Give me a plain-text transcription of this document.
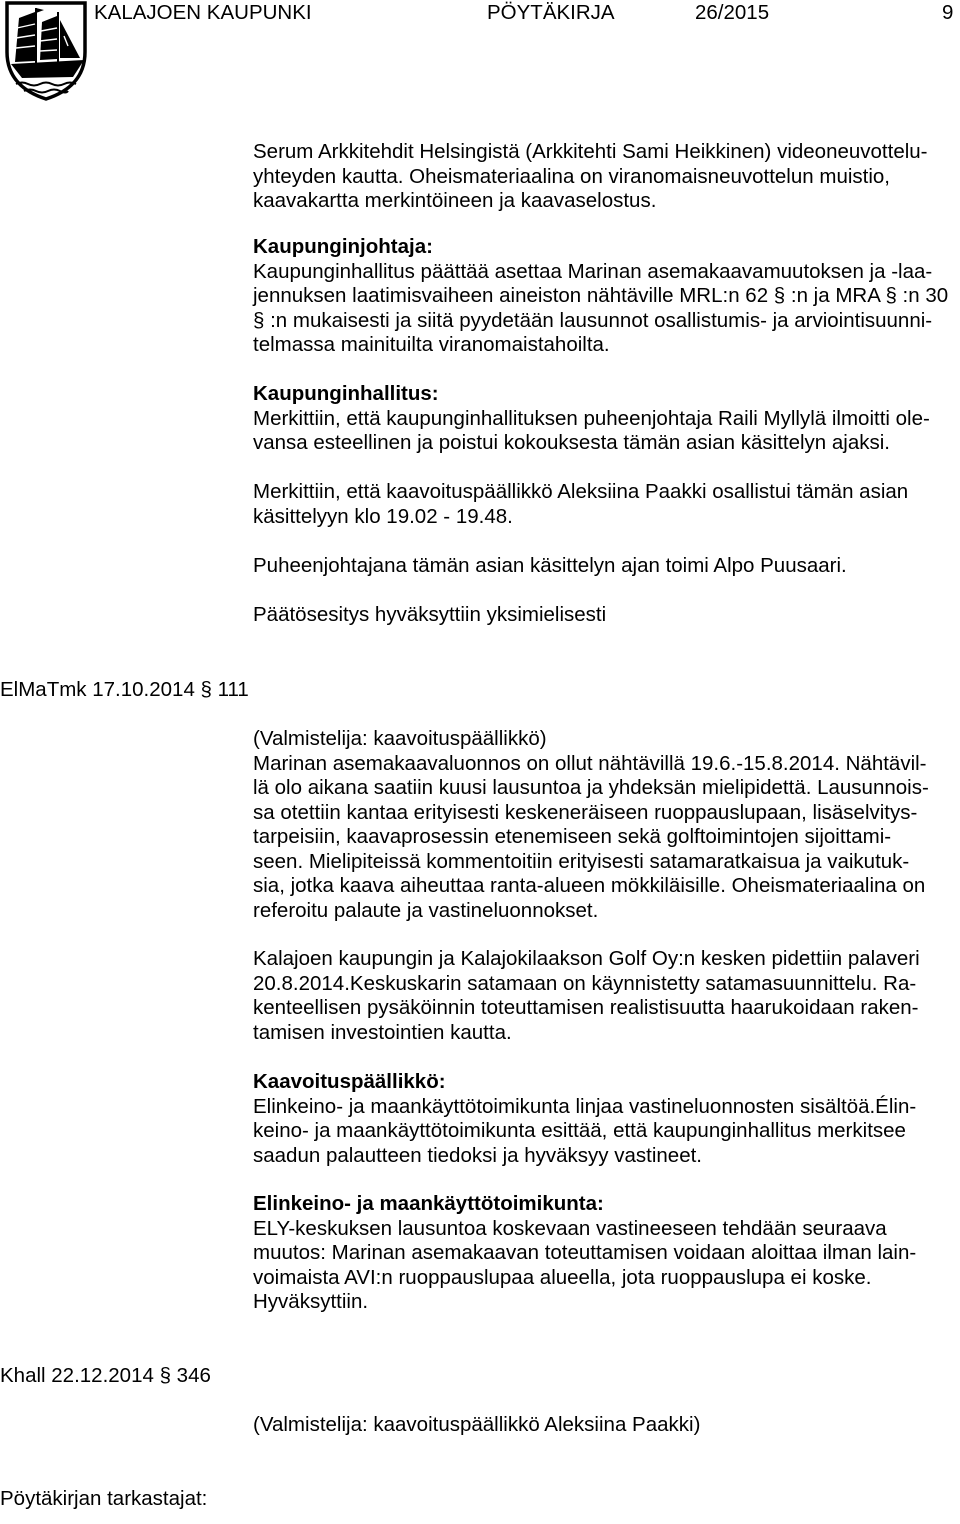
KALAJOEN KAUPUNKI	PÖYTÄKIRJA	26/2015	9
Serum Arkkitehdit Helsingistä (Arkkitehti Sami Heikkinen) videoneuvottelu-
yhteyden kautta. Oheismateriaalina on viranomaisneuvottelun muistio,
kaavakartta merkintöineen ja kaavaselostus.
Kaupunginjohtaja:
Kaupunginhallitus päättää asettaa Marinan asemakaavamuutoksen ja -laa-
jennuksen laatimisvaiheen aineiston nähtäville MRL:n 62 § :n ja MRA § :n 30
§ :n mukaisesti ja siitä pyydetään lausunnot osallistumis- ja arviointisuunni-
telmassa mainituilta viranomaistahoilta.
Kaupunginhallitus:
Merkittiin, että kaupunginhallituksen puheenjohtaja Raili Myllylä ilmoitti ole-
vansa esteellinen ja poistui kokouksesta tämän asian käsittelyn ajaksi.
Merkittiin, että kaavoituspäällikkö Aleksiina Paakki osallistui tämän asian
käsittelyyn klo 19.02 - 19.48.
Puheenjohtajana tämän asian käsittelyn ajan toimi Alpo Puusaari.
Päätösesitys hyväksyttiin yksimielisesti
ElMaTmk 17.10.2014 § 111
(Valmistelija: kaavoituspäällikkö)
Marinan asemakaavaluonnos on ollut nähtävillä 19.6.-15.8.2014. Nähtävil-
lä olo aikana saatiin kuusi lausuntoa ja yhdeksän mielipidettä. Lausunnois-
sa otettiin kantaa erityisesti keskeneräiseen ruoppauslupaan, lisäselvitys-
tarpeisiin, kaavaprosessin etenemiseen sekä golftoimintojen sijoittami-
seen. Mielipiteissä kommentoitiin erityisesti satamaratkaisua ja vaikutuk-
sia, jotka kaava aiheuttaa ranta-alueen mökkiläisille. Oheismateriaalina on
referoitu palaute ja vastineluonnokset.
Kalajoen kaupungin ja Kalajokilaakson Golf Oy:n kesken pidettiin palaveri
20.8.2014.Keskuskarin satamaan on käynnistetty satamasuunnittelu. Ra-
kenteellisen pysäköinnin toteuttamisen realistisuutta haarukoidaan raken-
tamisen investointien kautta.
Kaavoituspäällikkö:
Elinkeino- ja maankäyttötoimikunta linjaa vastineluonnosten sisältöä.Élin-
keino- ja maankäyttötoimikunta esittää, että kaupunginhallitus merkitsee
saadun palautteen tiedoksi ja hyväksyy vastineet.
Elinkeino- ja maankäyttötoimikunta:
ELY-keskuksen lausuntoa koskevaan vastineeseen tehdään seuraava
muutos: Marinan asemakaavan toteuttamisen voidaan aloittaa ilman lain-
voimaista AVI:n ruoppauslupaa alueella, jota ruoppauslupa ei koske.
Hyväksyttiin.
Khall 22.12.2014 § 346
(Valmistelija: kaavoituspäällikkö Aleksiina Paakki)
Pöytäkirjan tarkastajat:
